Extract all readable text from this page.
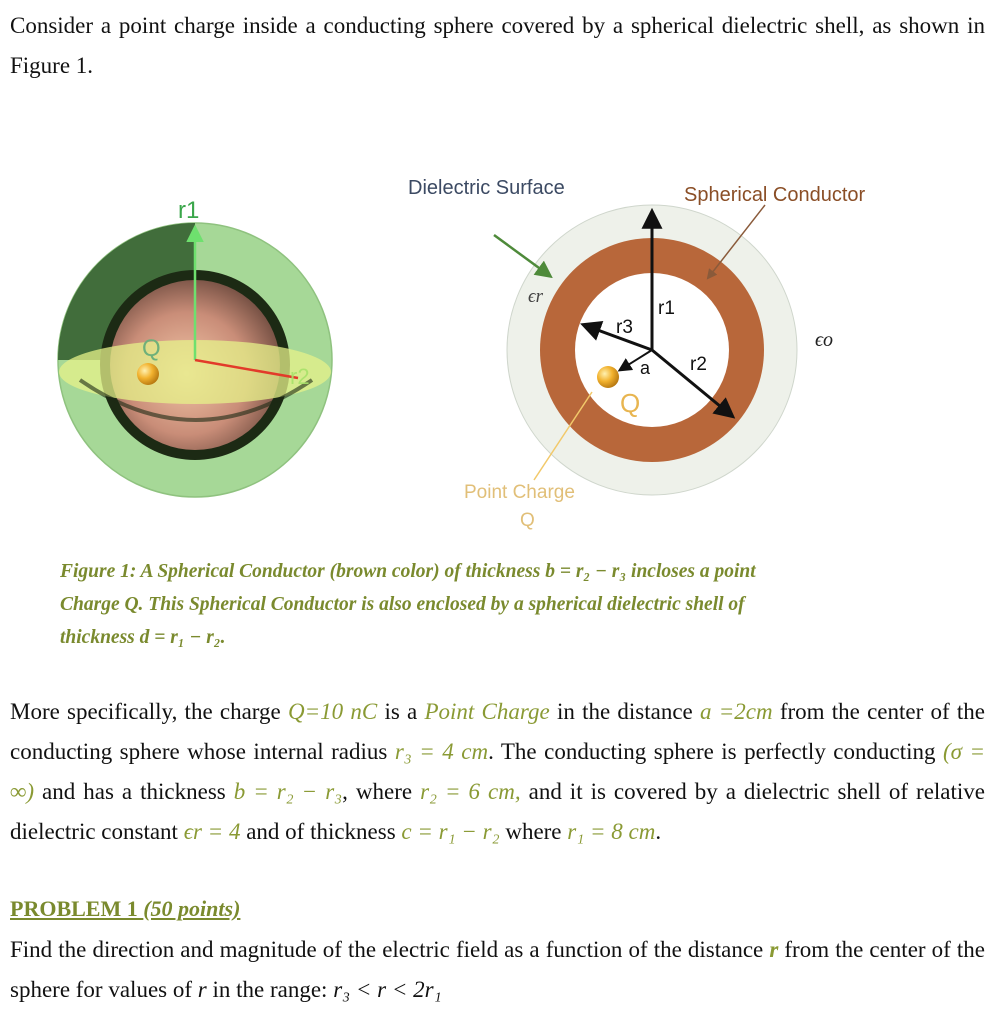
Consider a point charge inside a conducting sphere covered by a spherical dielectric shell, as shown in Figure 1.
r1
r2
Q
Dielectric Surface	Spherical Conductor
ϵr
ϵo
r1
r2
r3
a
Q
Point Charge
Q
Figure 1: A Spherical Conductor (brown color) of thickness b = r₂ − r₃ incloses a point
Charge Q. This Spherical Conductor is also enclosed by a spherical dielectric shell of
thickness d = r₁ − r₂.
More specifically, the charge Q=10 nC is a Point Charge in the distance a =2cm from the center of the conducting sphere whose internal radius r₃ = 4 cm. The conducting sphere is perfectly conducting (σ = ∞) and has a thickness b = r₂ − r₃, where r₂ = 6 cm, and it is covered by a dielectric shell of relative dielectric constant ϵr = 4 and of thickness c = r₁ − r₂ where r₁ = 8 cm.
PROBLEM 1 (50 points)
Find the direction and magnitude of the electric field as a function of the distance r from the center of the sphere for values of r in the range: r₃ < r < 2r₁
